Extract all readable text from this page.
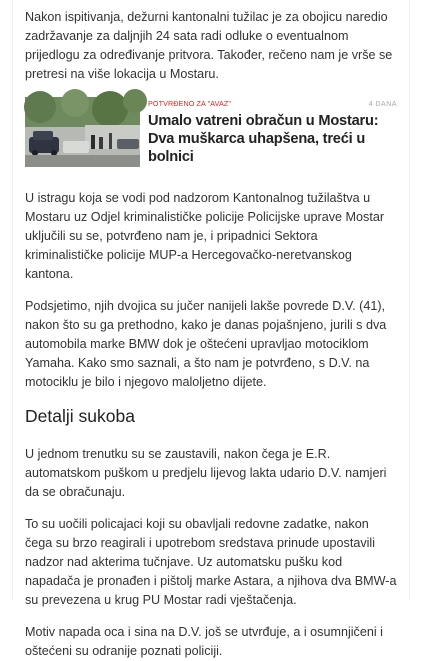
Nakon ispitivanja, dežurni kantonalni tužilac je za obojicu naredio zadržavanje za daljnjih 24 sata radi odluke o eventualnom prijedlogu za određivanje pritvora. Također, rečeno nam je vrše se pretresi na više lokacija u Mostaru.

POTVRĐENO ZA "AVAZ"	4 DANA
Umalo vatreni obračun u Mostaru: Dva muškarca uhapšena, treći u bolnici

U istragu koja se vodi pod nadzorom Kantonalnog tužilaštva u Mostaru uz Odjel kriminalističke policije Policijske uprave Mostar uključili su se, potvrđeno nam je, i pripadnici Sektora kriminalističke policije MUP-a Hercegovačko-neretvanskog kantona.

Podsjetimo, njih dvojica su jučer nanijeli lakše povrede D.V. (41), nakon što su ga prethodno, kako je danas pojašnjeno, jurili s dva automobila marke BMW dok je oštećeni upravljao motociklom Yamaha. Kako smo saznali, a što nam je potvrđeno, s D.V. na motociklu je bilo i njegovo maloljetno dijete.

Detalji sukoba

U jednom trenutku su se zaustavili, nakon čega je E.R. automatskom puškom u predjelu lijevog lakta udario D.V. namjeri da se obračunaju.

To su uočili policajaci koji su obavljali redovne zadatke, nakon čega su brzo reagirali i upotrebom sredstava prinude upostavili nadzor nad akterima tučnjave. Uz automatsku pušku kod napadača je pronađen i pištolj marke Astara, a njihova dva BMW-a su prevezena u krug PU Mostar radi vještačenja.

Motiv napada oca i sina na D.V. još se utvrđuje, a i osumnjičeni i oštećeni su odranije poznati policiji.
